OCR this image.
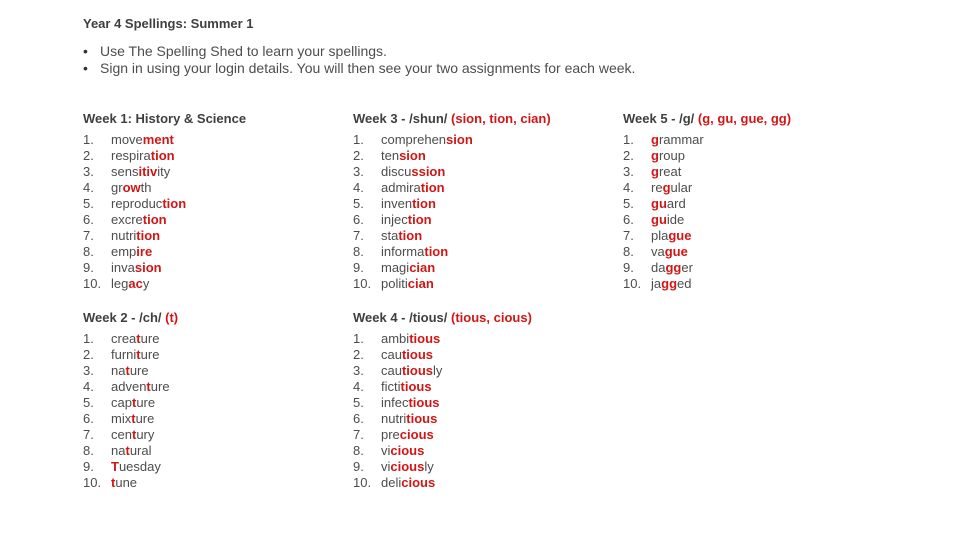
Year 4 Spellings: Summer 1
• Use The Spelling Shed to learn your spellings.
• Sign in using your login details. You will then see your two assignments for each week.
Week 1: History & Science
1.	movement
2.	respiration
3.	sensitivity
4.	growth
5.	reproduction
6.	excretion
7.	nutrition
8.	empire
9.	invasion
10. legacy
Week 3 - /shun/ (sion, tion, cian)
1.	comprehension
2.	tension
3.	discussion
4.	admiration
5.	invention
6.	injection
7.	station
8.	information
9.	magician
10. politician
Week 5 - /g/ (g, gu, gue, gg)
1.	grammar
2.	group
3.	great
4.	regular
5.	guard
6.	guide
7.	plague
8.	vague
9.	dagger
10. jagged
Week 2 - /ch/ (t)
1.	creature
2.	furniture
3.	nature
4.	adventure
5.	capture
6.	mixture
7.	century
8.	natural
9.	Tuesday
10. tune
Week 4 - /tious/ (tious, cious)
1.	ambitious
2.	cautious
3.	cautiously
4.	fictitious
5.	infectious
6.	nutritious
7.	precious
8.	vicious
9.	viciously
10. delicious
